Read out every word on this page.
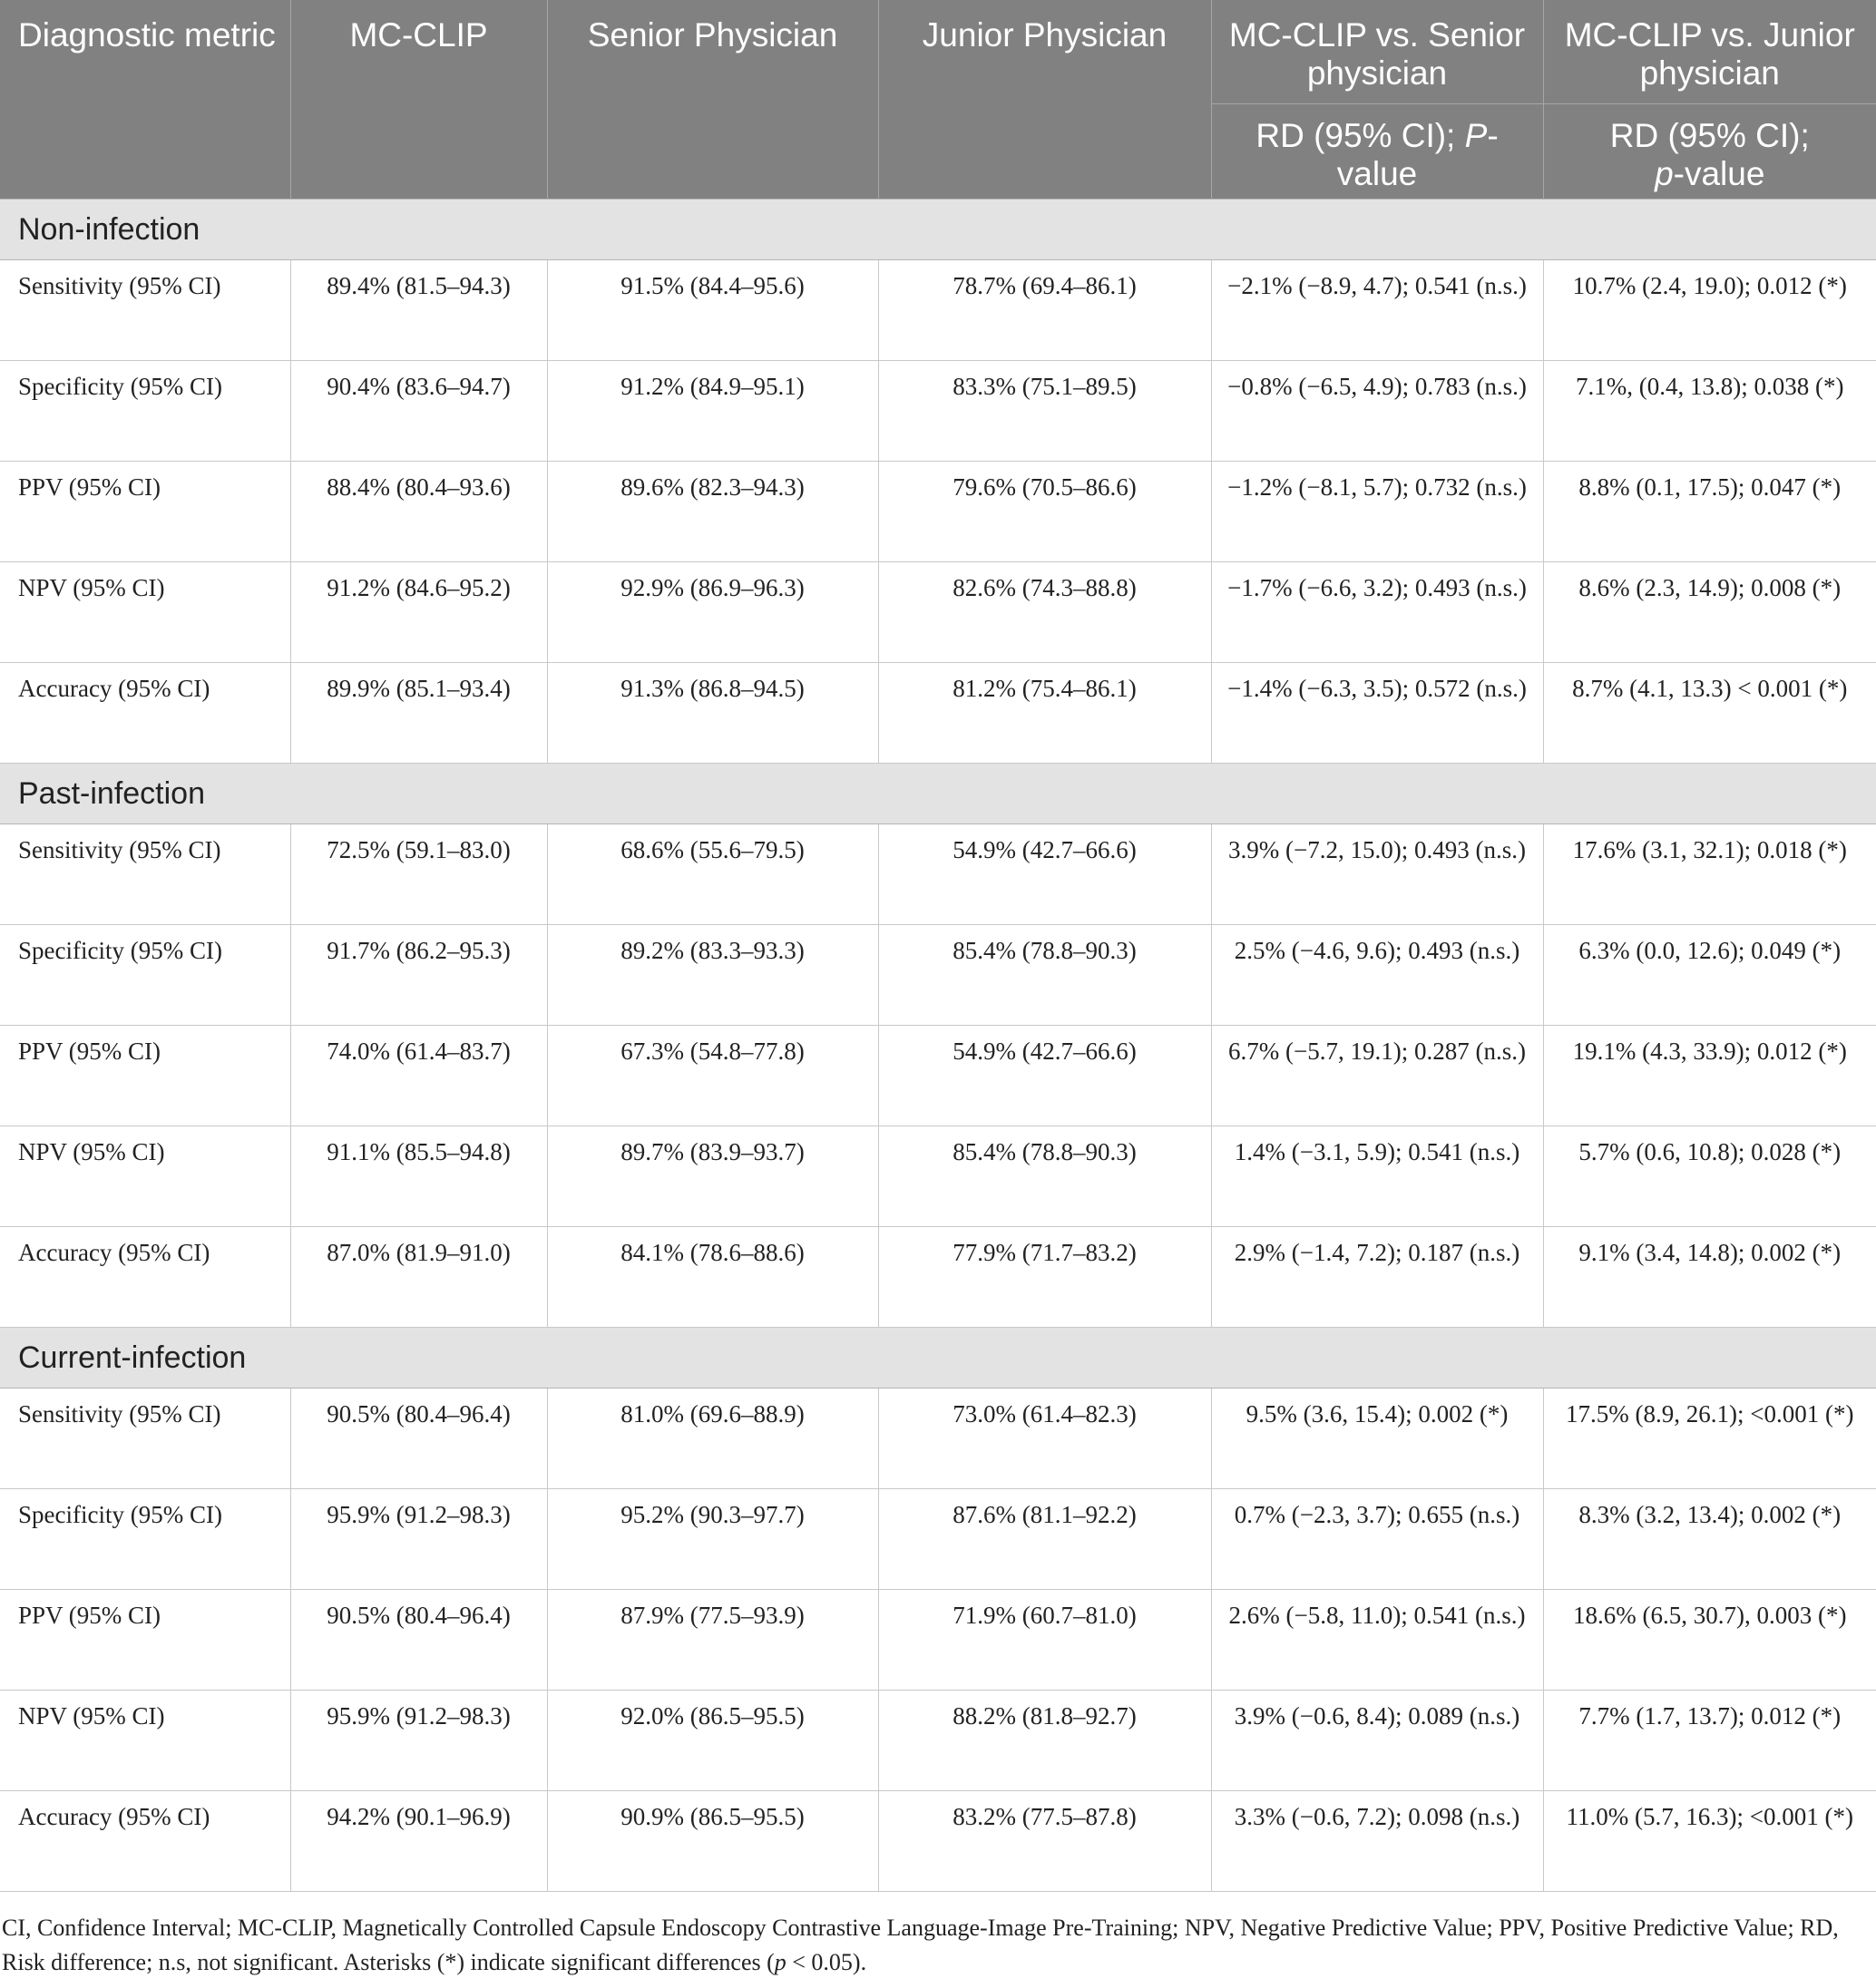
Diagnostic metric	MC-CLIP	Senior Physician	Junior Physician	MC-CLIP vs. Senior physician	MC-CLIP vs. Junior physician
				RD (95% CI); P-value	RD (95% CI);
p-value
Non-infection					
Sensitivity (95% CI)	89.4% (81.5–94.3)	91.5% (84.4–95.6)	78.7% (69.4–86.1)	−2.1% (−8.9, 4.7); 0.541 (n.s.)	10.7% (2.4, 19.0); 0.012 (*)
Specificity (95% CI)	90.4% (83.6–94.7)	91.2% (84.9–95.1)	83.3% (75.1–89.5)	−0.8% (−6.5, 4.9); 0.783 (n.s.)	7.1%, (0.4, 13.8); 0.038 (*)
PPV (95% CI)	88.4% (80.4–93.6)	89.6% (82.3–94.3)	79.6% (70.5–86.6)	−1.2% (−8.1, 5.7); 0.732 (n.s.)	8.8% (0.1, 17.5); 0.047 (*)
NPV (95% CI)	91.2% (84.6–95.2)	92.9% (86.9–96.3)	82.6% (74.3–88.8)	−1.7% (−6.6, 3.2); 0.493 (n.s.)	8.6% (2.3, 14.9); 0.008 (*)
Accuracy (95% CI)	89.9% (85.1–93.4)	91.3% (86.8–94.5)	81.2% (75.4–86.1)	−1.4% (−6.3, 3.5); 0.572 (n.s.)	8.7% (4.1, 13.3) < 0.001 (*)
Past-infection					
Sensitivity (95% CI)	72.5% (59.1–83.0)	68.6% (55.6–79.5)	54.9% (42.7–66.6)	3.9% (−7.2, 15.0); 0.493 (n.s.)	17.6% (3.1, 32.1); 0.018 (*)
Specificity (95% CI)	91.7% (86.2–95.3)	89.2% (83.3–93.3)	85.4% (78.8–90.3)	2.5% (−4.6, 9.6); 0.493 (n.s.)	6.3% (0.0, 12.6); 0.049 (*)
PPV (95% CI)	74.0% (61.4–83.7)	67.3% (54.8–77.8)	54.9% (42.7–66.6)	6.7% (−5.7, 19.1); 0.287 (n.s.)	19.1% (4.3, 33.9); 0.012 (*)
NPV (95% CI)	91.1% (85.5–94.8)	89.7% (83.9–93.7)	85.4% (78.8–90.3)	1.4% (−3.1, 5.9); 0.541 (n.s.)	5.7% (0.6, 10.8); 0.028 (*)
Accuracy (95% CI)	87.0% (81.9–91.0)	84.1% (78.6–88.6)	77.9% (71.7–83.2)	2.9% (−1.4, 7.2); 0.187 (n.s.)	9.1% (3.4, 14.8); 0.002 (*)
Current-infection					
Sensitivity (95% CI)	90.5% (80.4–96.4)	81.0% (69.6–88.9)	73.0% (61.4–82.3)	9.5% (3.6, 15.4); 0.002 (*)	17.5% (8.9, 26.1); <0.001 (*)
Specificity (95% CI)	95.9% (91.2–98.3)	95.2% (90.3–97.7)	87.6% (81.1–92.2)	0.7% (−2.3, 3.7); 0.655 (n.s.)	8.3% (3.2, 13.4); 0.002 (*)
PPV (95% CI)	90.5% (80.4–96.4)	87.9% (77.5–93.9)	71.9% (60.7–81.0)	2.6% (−5.8, 11.0); 0.541 (n.s.)	18.6% (6.5, 30.7), 0.003 (*)
NPV (95% CI)	95.9% (91.2–98.3)	92.0% (86.5–95.5)	88.2% (81.8–92.7)	3.9% (−0.6, 8.4); 0.089 (n.s.)	7.7% (1.7, 13.7); 0.012 (*)
Accuracy (95% CI)	94.2% (90.1–96.9)	90.9% (86.5–95.5)	83.2% (77.5–87.8)	3.3% (−0.6, 7.2); 0.098 (n.s.)	11.0% (5.7, 16.3); <0.001 (*)
CI, Confidence Interval; MC-CLIP, Magnetically Controlled Capsule Endoscopy Contrastive Language-Image Pre-Training; NPV, Negative Predictive Value; PPV, Positive Predictive Value; RD, Risk difference; n.s, not significant. Asterisks (*) indicate significant differences (p < 0.05).
